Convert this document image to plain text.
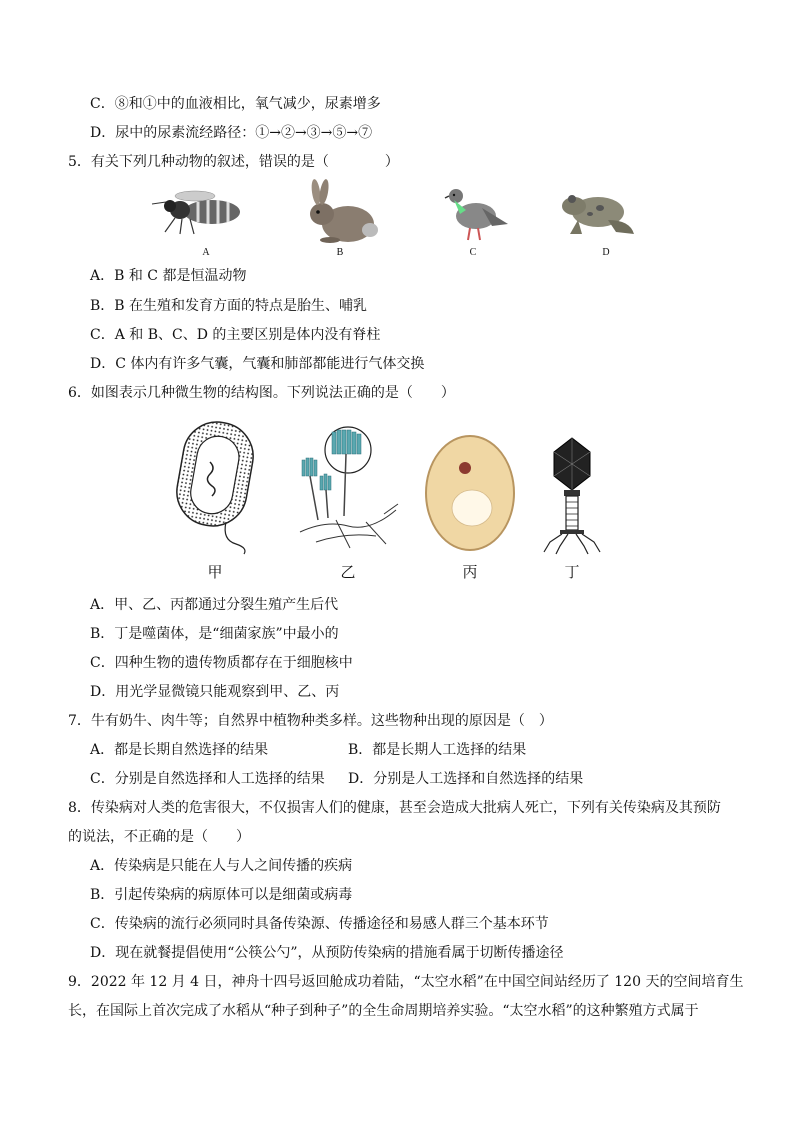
C．⑧和①中的血液相比，氧气减少，尿素增多
D．尿中的尿素流经路径：①→②→③→⑤→⑦
5．有关下列几种动物的叙述，错误的是（　　　　）
A	B	C	D
A．B 和 C 都是恒温动物
B．B 在生殖和发育方面的特点是胎生、哺乳
C．A 和 B、C、D 的主要区别是体内没有脊柱
D．C 体内有许多气囊，气囊和肺部都能进行气体交换
6．如图表示几种微生物的结构图。下列说法正确的是（　　）
甲	乙	丙	丁
A．甲、乙、丙都通过分裂生殖产生后代
B．丁是噬菌体，是“细菌家族”中最小的
C．四种生物的遗传物质都存在于细胞核中
D．用光学显微镜只能观察到甲、乙、丙
7．牛有奶牛、肉牛等；自然界中植物种类多样。这些物种出现的原因是（　）
A．都是长期自然选择的结果	B．都是长期人工选择的结果
C．分别是自然选择和人工选择的结果 D．分别是人工选择和自然选择的结果
8．传染病对人类的危害很大，不仅损害人们的健康，甚至会造成大批病人死亡，下列有关传染病及其预防
的说法，不正确的是（　　）
A．传染病是只能在人与人之间传播的疾病
B．引起传染病的病原体可以是细菌或病毒
C．传染病的流行必须同时具备传染源、传播途径和易感人群三个基本环节
D．现在就餐提倡使用“公筷公勺”，从预防传染病的措施看属于切断传播途径
9．2022 年 12 月 4 日，神舟十四号返回舱成功着陆，“太空水稻”在中国空间站经历了 120 天的空间培育生
长，在国际上首次完成了水稻从“种子到种子”的全生命周期培养实验。“太空水稻”的这种繁殖方式属于
